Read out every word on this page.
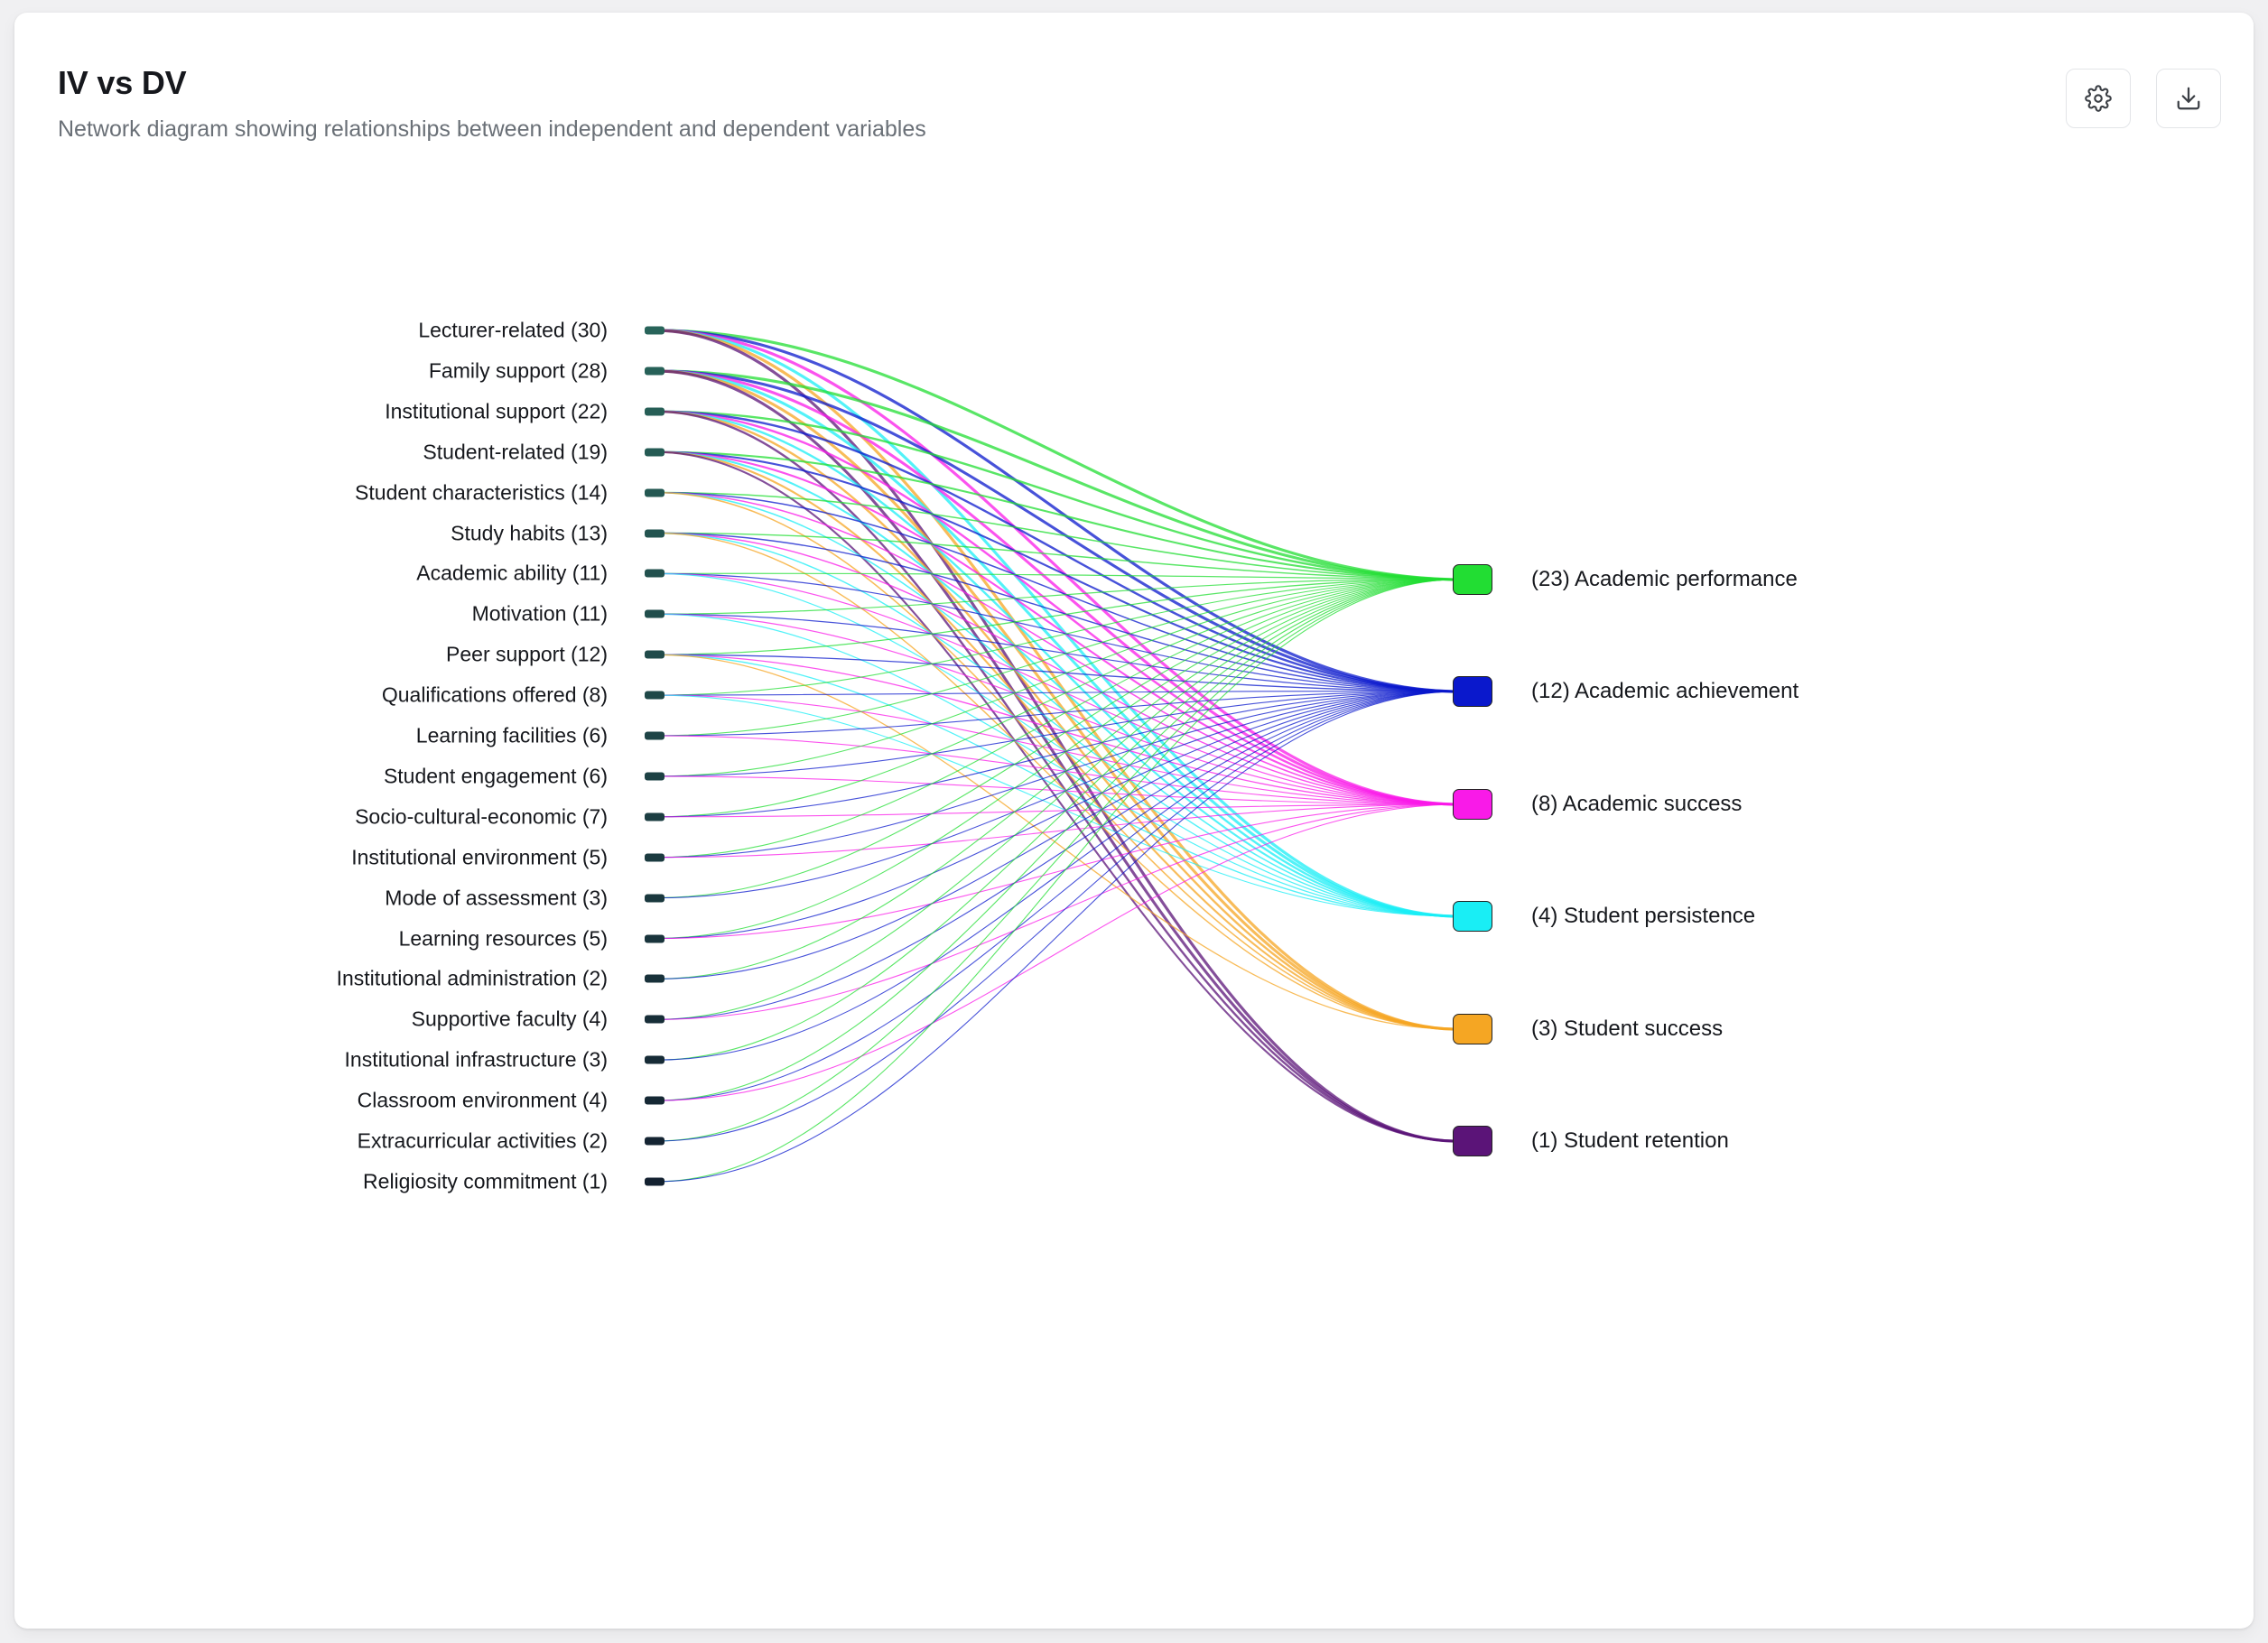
IV vs DV
Network diagram showing relationships between independent and dependent variables
Lecturer-related (30)
Family support (28)
Institutional support (22)
Student-related (19)
Student characteristics (14)
Study habits (13)
Academic ability (11)
Motivation (11)
Peer support (12)
Qualifications offered (8)
Learning facilities (6)
Student engagement (6)
Socio-cultural-economic (7)
Institutional environment (5)
Mode of assessment (3)
Learning resources (5)
Institutional administration (2)
Supportive faculty (4)
Institutional infrastructure (3)
Classroom environment (4)
Extracurricular activities (2)
Religiosity commitment (1)
(23) Academic performance
(12) Academic achievement
(8) Academic success
(4) Student persistence
(3) Student success
(1) Student retention
